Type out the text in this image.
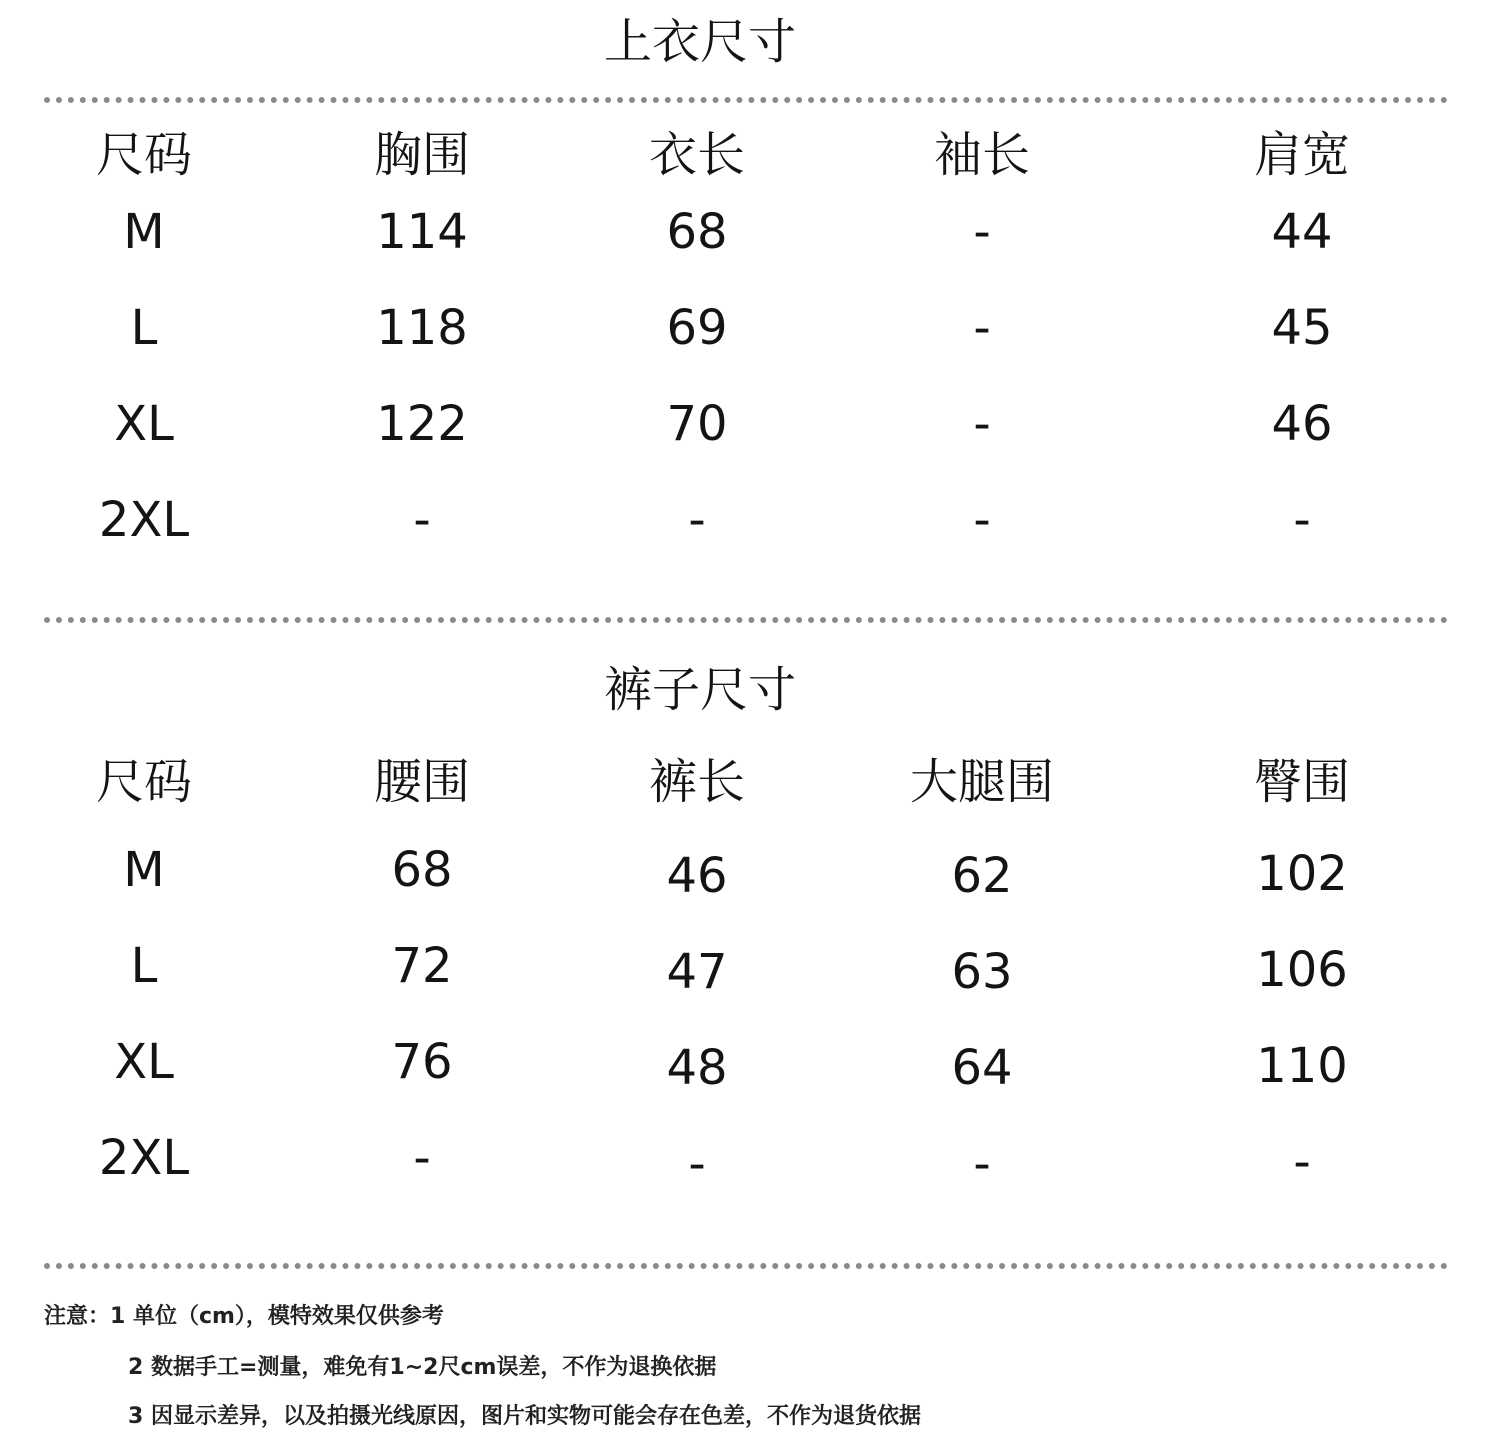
上衣尺寸
尺码	胸围	衣长	袖长	肩宽
M	114	68	-	44
L	118	69	-	45
XL	122	70	-	46
2XL	-	-	-	-
裤子尺寸
尺码	腰围	裤长	大腿围	臀围
M	68	46	62	102
L	72	47	63	106
XL	76	48	64	110
2XL	-	-	-	-
注意：1 单位（cm），模特效果仅供参考
2 数据手工=测量，难免有1~2尺cm误差，不作为退换依据
3 因显示差异，以及拍摄光线原因，图片和实物可能会存在色差，不作为退货依据
